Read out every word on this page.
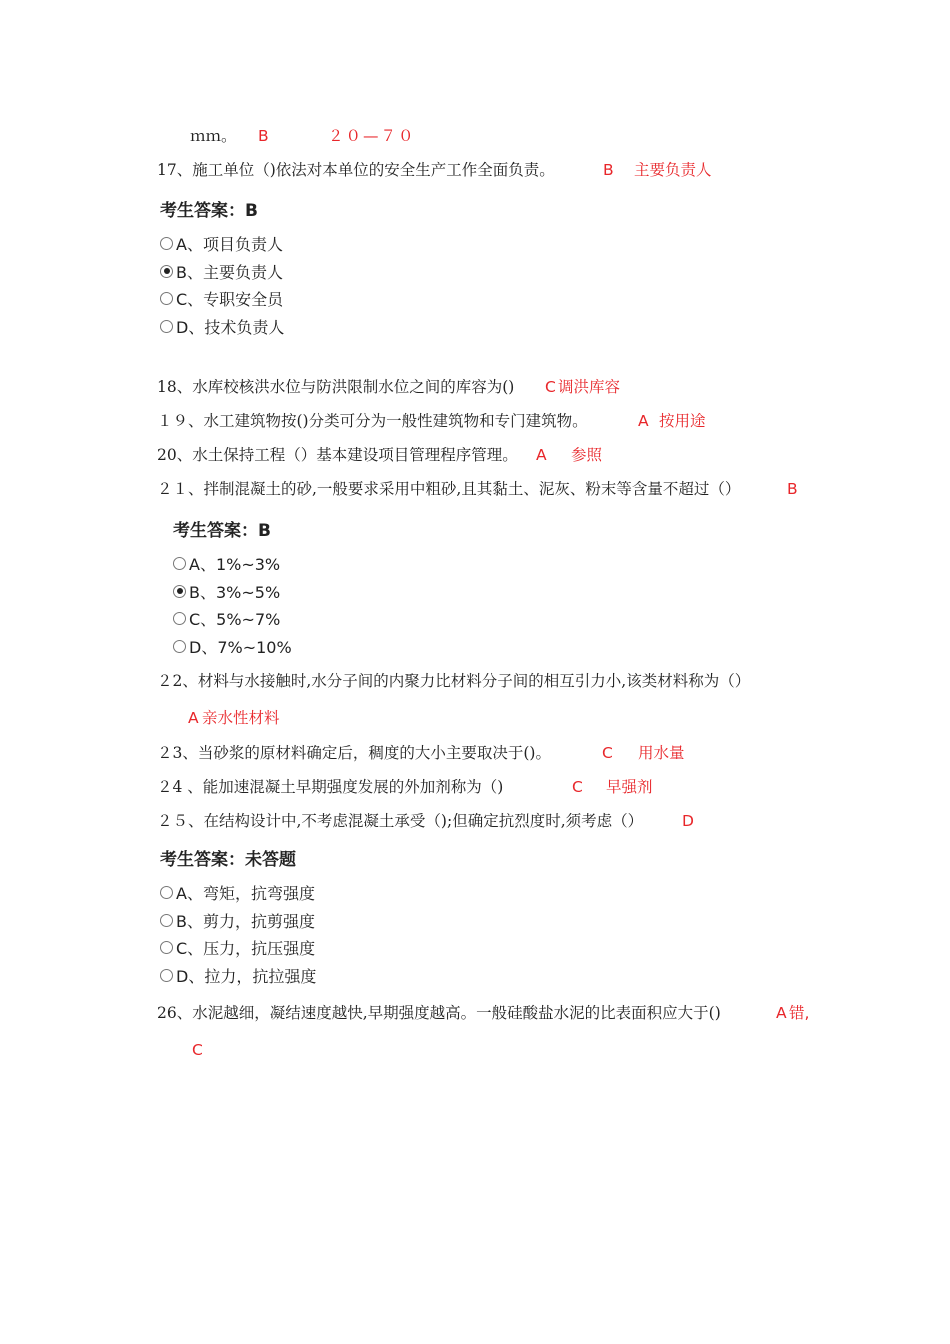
ｍｍ。 B	２０—７０
17、施工单位（)依法对本单位的安全生产工作全面负责。	B 主要负责人
考生答案：B
A、项目负责人
B、主要负责人
C、专职安全员
D、技术负责人
18、水库校核洪水位与防洪限制水位之间的库容为() C 调洪库容
１９、水工建筑物按()分类可分为一般性建筑物和专门建筑物。	A 按用途
20、水土保持工程（）基本建设项目管理程序管理。 A 参照
２１、拌制混凝土的砂,一般要求采用中粗砂,且其黏土、泥灰、粉末等含量不超过（）	B
考生答案：B
A、1%~3%
B、3%~5%
C、5%~7%
D、7%~10%
２2、材料与水接触时,水分子间的内聚力比材料分子间的相互引力小,该类材料称为（）
A 亲水性材料
２3、当砂浆的原材料确定后，稠度的大小主要取决于()。	C 用水量
２4 、能加速混凝土早期强度发展的外加剂称为（)	C 早强剂
２５、在结构设计中,不考虑混凝土承受（);但确定抗烈度时,须考虑（）	D
考生答案：未答题
A、弯矩，抗弯强度
B、剪力，抗剪强度
C、压力，抗压强度
D、拉力，抗拉强度
26、水泥越细，凝结速度越快,早期强度越高。一般硅酸盐水泥的比表面积应大于()	A 错,
C
